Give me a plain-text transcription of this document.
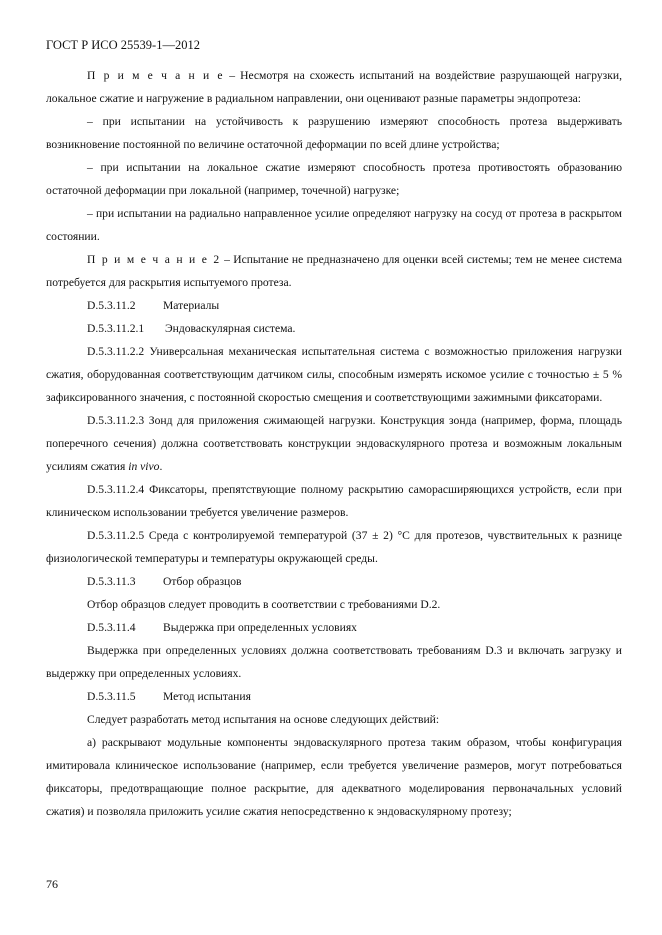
ГОСТ Р ИСО 25539-1—2012

П р и м е ч а н и е – Несмотря на схожесть испытаний на воздействие разрушающей нагрузки, локальное сжатие и нагружение в радиальном направлении, они оценивают разные параметры эндопротеза:

– при испытании на устойчивость к разрушению измеряют способность протеза выдерживать возникновение постоянной по величине остаточной деформации по всей длине устройства;

– при испытании на локальное сжатие измеряют способность протеза противостоять образованию остаточной деформации при локальной (например, точечной) нагрузке;

– при испытании на радиально направленное усилие определяют нагрузку на сосуд от протеза в раскрытом состоянии.

П р и м е ч а н и е 2 – Испытание не предназначено для оценки всей системы; тем не менее система потребуется для раскрытия испытуемого протеза.

D.5.3.11.2 Материалы

D.5.3.11.2.1 Эндоваскулярная система.

D.5.3.11.2.2 Универсальная механическая испытательная система с возможностью приложения нагрузки сжатия, оборудованная соответствующим датчиком силы, способным измерять искомое усилие с точностью ± 5 % зафиксированного значения, с постоянной скоростью смещения и соответствующими зажимными фиксаторами.

D.5.3.11.2.3 Зонд для приложения сжимающей нагрузки. Конструкция зонда (например, форма, площадь поперечного сечения) должна соответствовать конструкции эндоваскулярного протеза и возможным локальным усилиям сжатия in vivo.

D.5.3.11.2.4 Фиксаторы, препятствующие полному раскрытию саморасширяющихся устройств, если при клиническом использовании требуется увеличение размеров.

D.5.3.11.2.5 Среда с контролируемой температурой (37 ± 2) °С для протезов, чувствительных к разнице физиологической температуры и температуры окружающей среды.

D.5.3.11.3 Отбор образцов

Отбор образцов следует проводить в соответствии с требованиями D.2.

D.5.3.11.4 Выдержка при определенных условиях

Выдержка при определенных условиях должна соответствовать требованиям D.3 и включать загрузку и выдержку при определенных условиях.

D.5.3.11.5 Метод испытания

Следует разработать метод испытания на основе следующих действий:

а) раскрывают модульные компоненты эндоваскулярного протеза таким образом, чтобы конфигурация имитировала клиническое использование (например, если требуется увеличение размеров, могут потребоваться фиксаторы, предотвращающие полное раскрытие, для адекватного моделирования первоначальных условий сжатия) и позволяла приложить усилие сжатия непосредственно к эндоваскулярному протезу;

76
